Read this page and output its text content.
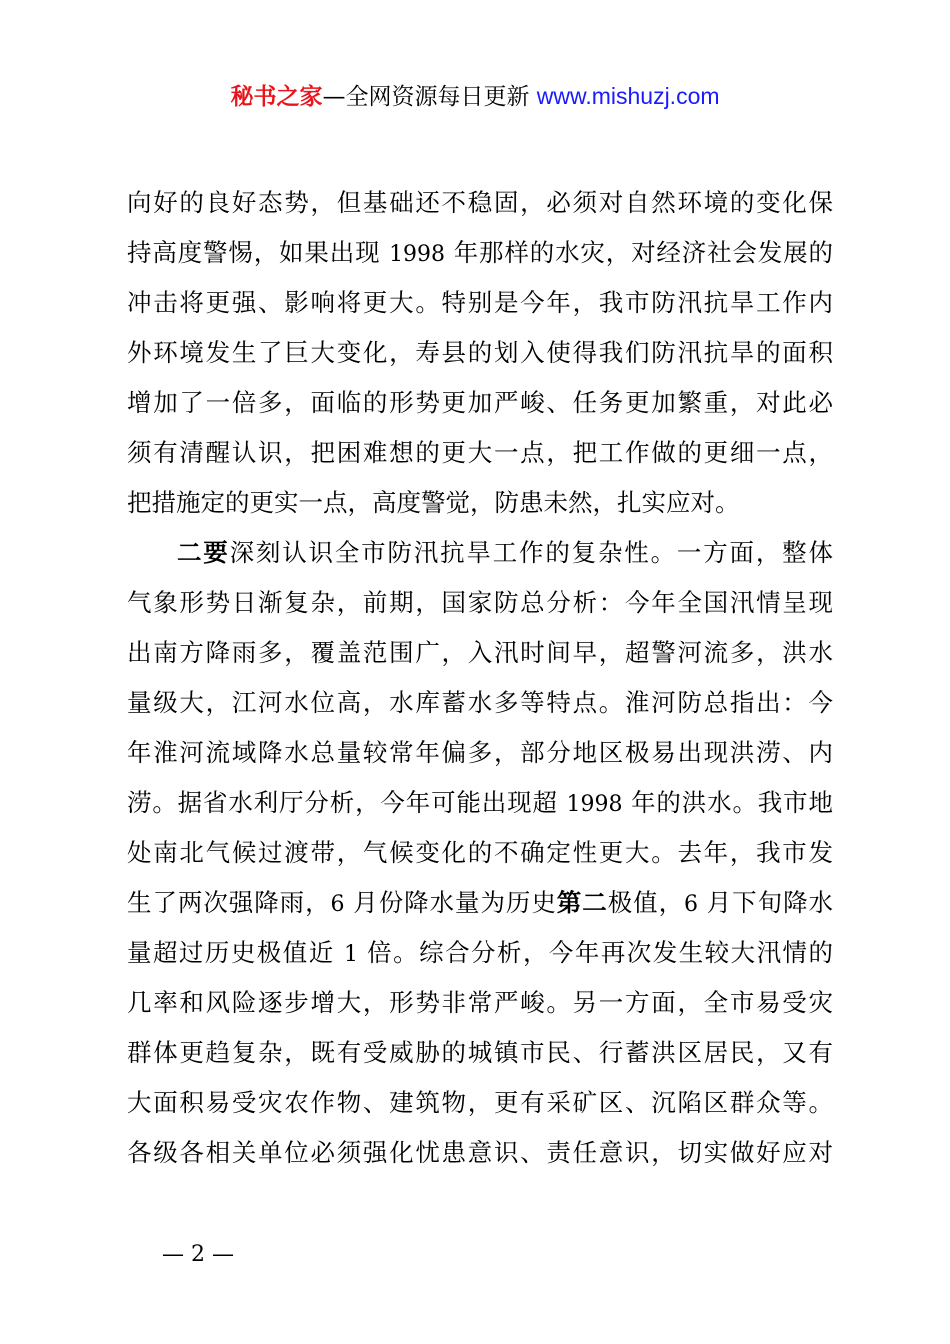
秘书之家—全网资源每日更新 www.mishuzj.com
向好的良好态势，但基础还不稳固，必须对自然环境的变化保
持高度警惕，如果出现 1998 年那样的水灾，对经济社会发展的
冲击将更强、影响将更大。特别是今年，我市防汛抗旱工作内
外环境发生了巨大变化，寿县的划入使得我们防汛抗旱的面积
增加了一倍多，面临的形势更加严峻、任务更加繁重，对此必
须有清醒认识，把困难想的更大一点，把工作做的更细一点，
把措施定的更实一点，高度警觉，防患未然，扎实应对。
二要深刻认识全市防汛抗旱工作的复杂性。一方面，整体
气象形势日渐复杂，前期，国家防总分析：今年全国汛情呈现
出南方降雨多，覆盖范围广，入汛时间早，超警河流多，洪水
量级大，江河水位高，水库蓄水多等特点。淮河防总指出：今
年淮河流域降水总量较常年偏多，部分地区极易出现洪涝、内
涝。据省水利厅分析，今年可能出现超 1998 年的洪水。我市地
处南北气候过渡带，气候变化的不确定性更大。去年，我市发
生了两次强降雨，6 月份降水量为历史第二极值，6 月下旬降水
量超过历史极值近 1 倍。综合分析，今年再次发生较大汛情的
几率和风险逐步增大，形势非常严峻。另一方面，全市易受灾
群体更趋复杂，既有受威胁的城镇市民、行蓄洪区居民，又有
大面积易受灾农作物、建筑物，更有采矿区、沉陷区群众等。
各级各相关单位必须强化忧患意识、责任意识，切实做好应对
— 2 —
